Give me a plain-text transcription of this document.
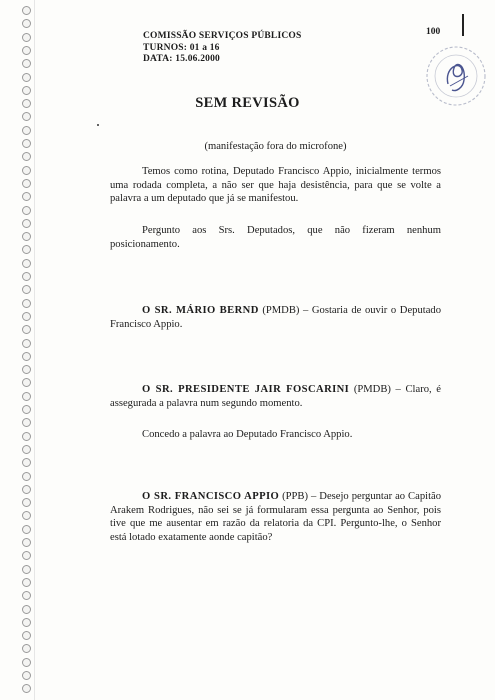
COMISSÃO SERVIÇOS PÚBLICOS
TURNOS: 01 a 16
DATA: 15.06.2000
100
SEM REVISÃO
(manifestação fora do microfone)
Temos como rotina, Deputado Francisco Appio, inicialmente termos uma rodada completa, a não ser que haja desistência, para que se volte a palavra a um deputado que já se manifestou.
Pergunto aos Srs. Deputados, que não fizeram nenhum posicionamento.
O SR. MÁRIO BERND (PMDB) – Gostaria de ouvir o Deputado Francisco Appio.
O SR. PRESIDENTE JAIR FOSCARINI (PMDB) – Claro, é assegurada a palavra num segundo momento.
Concedo a palavra ao Deputado Francisco Appio.
O SR. FRANCISCO APPIO (PPB) – Desejo perguntar ao Capitão Arakem Rodrigues, não sei se já formularam essa pergunta ao Senhor, pois tive que me ausentar em razão da relatoria da CPI. Pergunto-lhe, o Senhor está lotado exatamente aonde capitão?
